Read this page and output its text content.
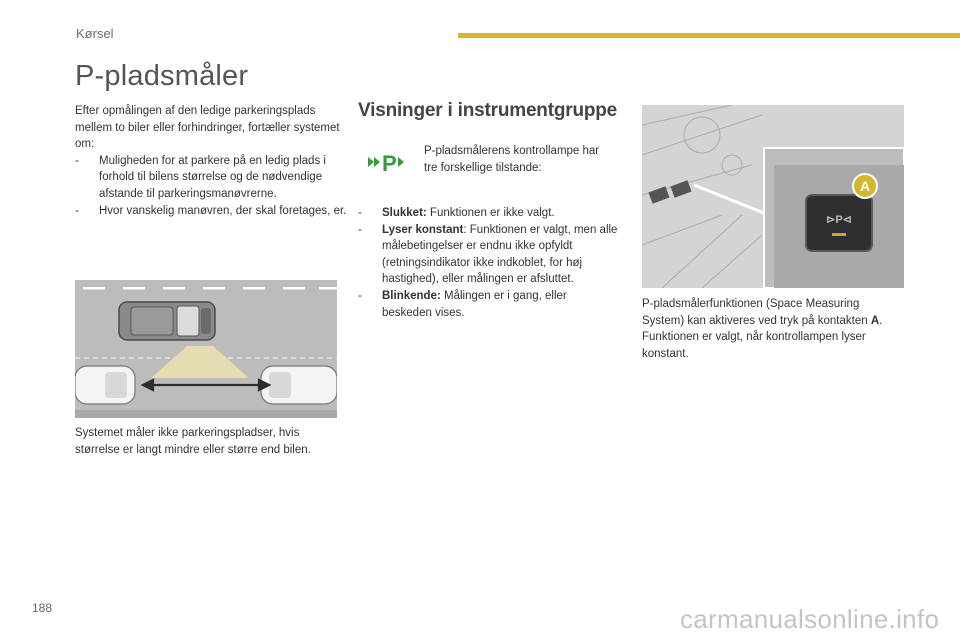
Kørsel
P-pladsmåler
Efter opmålingen af den ledige parkeringsplads mellem to biler eller forhindringer, fortæller systemet om:
- Muligheden for at parkere på en ledig plads i forhold til bilens størrelse og de nødvendige afstande til parkeringsmanøvrerne.
- Hvor vanskelig manøvren, der skal foretages, er.
Systemet måler ikke parkeringspladser, hvis størrelse er langt mindre eller større end bilen.
Visninger i instrumentgruppe
P P-pladsmålerens kontrollampe har tre forskellige tilstande:
- Slukket: Funktionen er ikke valgt.
- Lyser konstant: Funktionen er valgt, men alle målebetingelser er endnu ikke opfyldt (retningsindikator ikke indkoblet, for høj hastighed), eller målingen er afsluttet.
- Blinkende: Målingen er i gang, eller beskeden vises.
⊳P⊲
A
P-pladsmålerfunktionen (Space Measuring System) kan aktiveres ved tryk på kontakten A. Funktionen er valgt, når kontrollampen lyser konstant.
188	carmanualsonline.info
